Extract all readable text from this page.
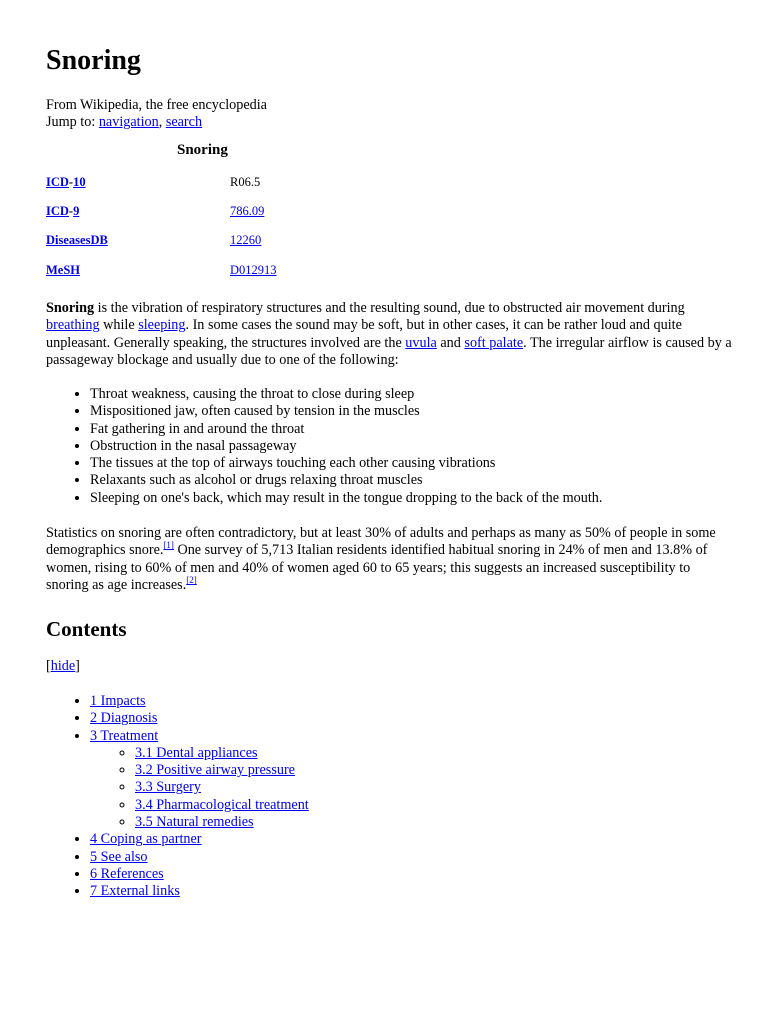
Snoring
From Wikipedia, the free encyclopedia
Jump to: navigation, search
Snoring
ICD-10	R06.5
ICD-9	786.09
DiseasesDB	12260
MeSH	D012913

Snoring is the vibration of respiratory structures and the resulting sound, due to obstructed air movement during breathing while sleeping. In some cases the sound may be soft, but in other cases, it can be rather loud and quite unpleasant. Generally speaking, the structures involved are the uvula and soft palate. The irregular airflow is caused by a passageway blockage and usually due to one of the following:

• Throat weakness, causing the throat to close during sleep
• Mispositioned jaw, often caused by tension in the muscles
• Fat gathering in and around the throat
• Obstruction in the nasal passageway
• The tissues at the top of airways touching each other causing vibrations
• Relaxants such as alcohol or drugs relaxing throat muscles
• Sleeping on one's back, which may result in the tongue dropping to the back of the mouth.

Statistics on snoring are often contradictory, but at least 30% of adults and perhaps as many as 50% of people in some demographics snore.[1] One survey of 5,713 Italian residents identified habitual snoring in 24% of men and 13.8% of women, rising to 60% of men and 40% of women aged 60 to 65 years; this suggests an increased susceptibility to snoring as age increases.[2]

Contents
[hide]
• 1 Impacts
• 2 Diagnosis
• 3 Treatment
◦ 3.1 Dental appliances
◦ 3.2 Positive airway pressure
◦ 3.3 Surgery
◦ 3.4 Pharmacological treatment
◦ 3.5 Natural remedies
• 4 Coping as partner
• 5 See also
• 6 References
• 7 External links
